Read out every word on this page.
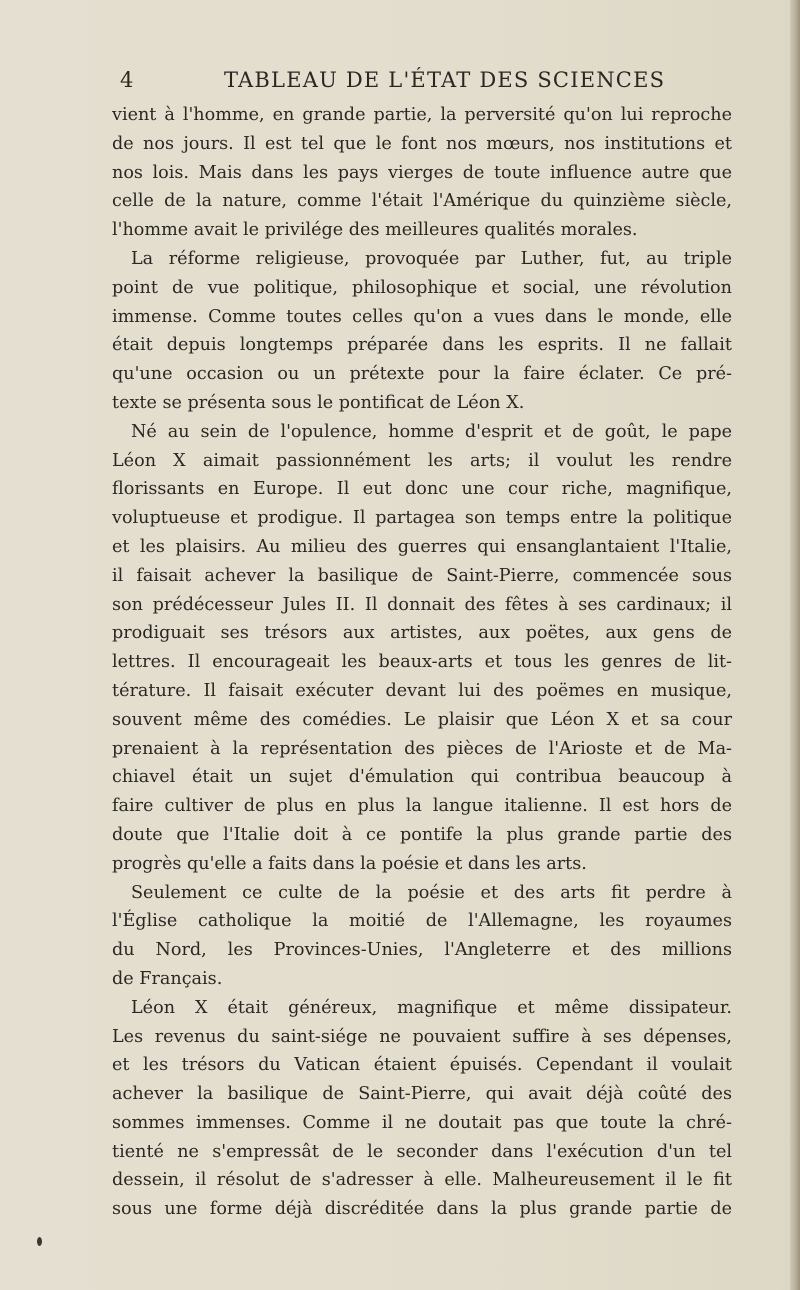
4	TABLEAU DE L'ÉTAT DES SCIENCES
vient à l'homme, en grande partie, la perversité qu'on lui reproche
de nos jours. Il est tel que le font nos mœurs, nos institutions et
nos lois. Mais dans les pays vierges de toute influence autre que
celle de la nature, comme l'était l'Amérique du quinzième siècle,
l'homme avait le privilége des meilleures qualités morales.
La réforme religieuse, provoquée par Luther, fut, au triple
point de vue politique, philosophique et social, une révolution
immense. Comme toutes celles qu'on a vues dans le monde, elle
était depuis longtemps préparée dans les esprits. Il ne fallait
qu'une occasion ou un prétexte pour la faire éclater. Ce pré-
texte se présenta sous le pontificat de Léon X.
Né au sein de l'opulence, homme d'esprit et de goût, le pape
Léon X aimait passionnément les arts; il voulut les rendre
florissants en Europe. Il eut donc une cour riche, magnifique,
voluptueuse et prodigue. Il partagea son temps entre la politique
et les plaisirs. Au milieu des guerres qui ensanglantaient l'Italie,
il faisait achever la basilique de Saint-Pierre, commencée sous
son prédécesseur Jules II. Il donnait des fêtes à ses cardinaux; il
prodiguait ses trésors aux artistes, aux poëtes, aux gens de
lettres. Il encourageait les beaux-arts et tous les genres de lit-
térature. Il faisait exécuter devant lui des poëmes en musique,
souvent même des comédies. Le plaisir que Léon X et sa cour
prenaient à la représentation des pièces de l'Arioste et de Ma-
chiavel était un sujet d'émulation qui contribua beaucoup à
faire cultiver de plus en plus la langue italienne. Il est hors de
doute que l'Italie doit à ce pontife la plus grande partie des
progrès qu'elle a faits dans la poésie et dans les arts.
Seulement ce culte de la poésie et des arts fit perdre à
l'Église catholique la moitié de l'Allemagne, les royaumes
du Nord, les Provinces-Unies, l'Angleterre et des millions
de Français.
Léon X était généreux, magnifique et même dissipateur.
Les revenus du saint-siége ne pouvaient suffire à ses dépenses,
et les trésors du Vatican étaient épuisés. Cependant il voulait
achever la basilique de Saint-Pierre, qui avait déjà coûté des
sommes immenses. Comme il ne doutait pas que toute la chré-
tienté ne s'empressât de le seconder dans l'exécution d'un tel
dessein, il résolut de s'adresser à elle. Malheureusement il le fit
sous une forme déjà discréditée dans la plus grande partie de
